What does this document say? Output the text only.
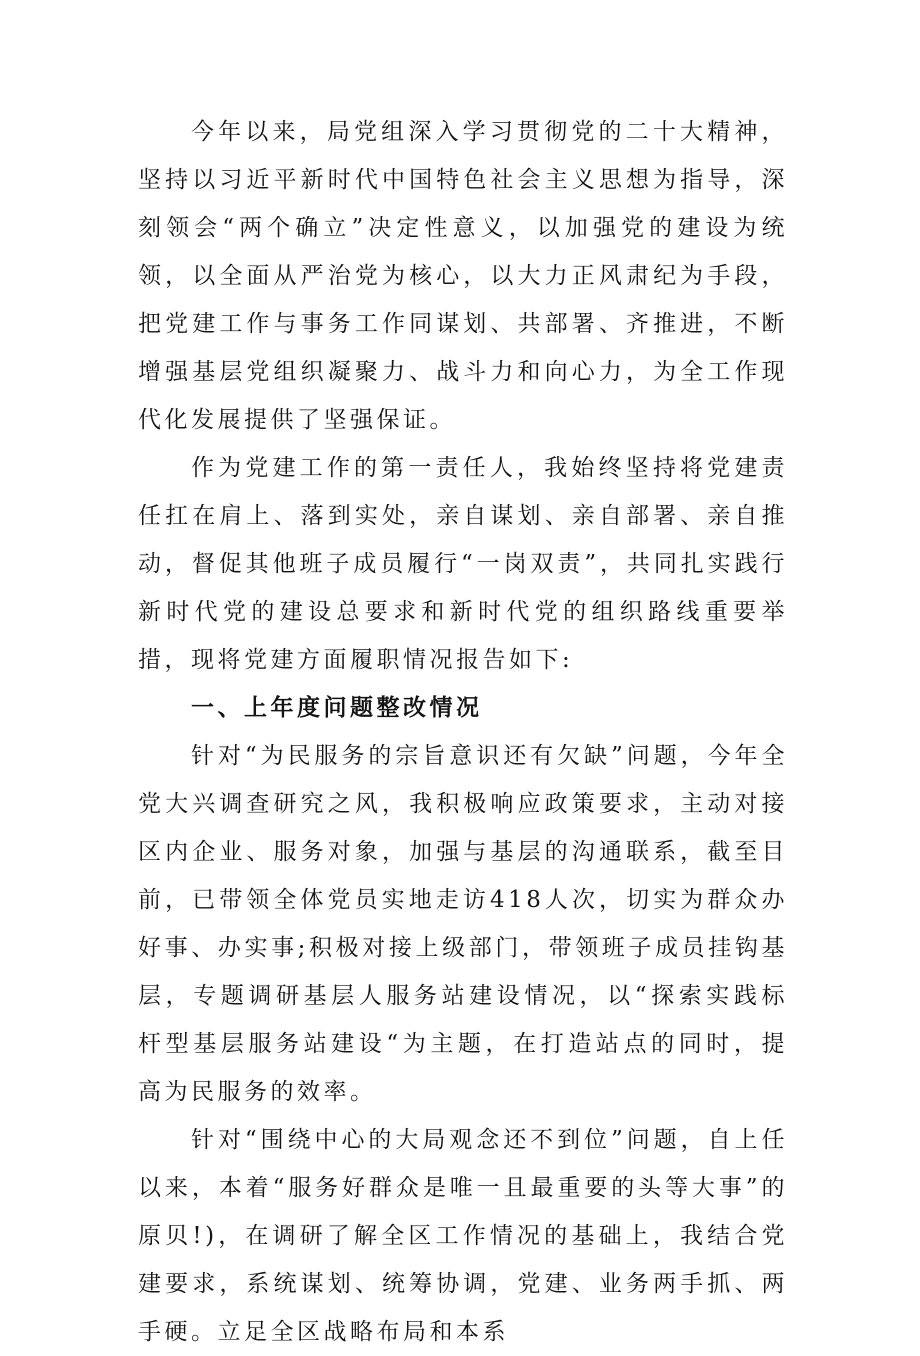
今年以来，局党组深入学习贯彻党的二十大精神，坚持以习近平新时代中国特色社会主义思想为指导，深刻领会“两个确立”决定性意义，以加强党的建设为统领，以全面从严治党为核心，以大力正风肃纪为手段，把党建工作与事务工作同谋划、共部署、齐推进，不断增强基层党组织凝聚力、战斗力和向心力，为全工作现代化发展提供了坚强保证。

作为党建工作的第一责任人，我始终坚持将党建责任扛在肩上、落到实处，亲自谋划、亲自部署、亲自推动，督促其他班子成员履行“一岗双责”，共同扎实践行新时代党的建设总要求和新时代党的组织路线重要举措，现将党建方面履职情况报告如下:

一、上年度问题整改情况

针对“为民服务的宗旨意识还有欠缺”问题，今年全党大兴调查研究之风，我积极响应政策要求，主动对接区内企业、服务对象，加强与基层的沟通联系，截至目前，已带领全体党员实地走访418人次，切实为群众办好事、办实事;积极对接上级部门，带领班子成员挂钩基层，专题调研基层人服务站建设情况，以“探索实践标杆型基层服务站建设“为主题，在打造站点的同时，提高为民服务的效率。

针对“围绕中心的大局观念还不到位”问题，自上任以来，本着“服务好群众是唯一且最重要的头等大事”的原贝!)，在调研了解全区工作情况的基础上，我结合党建要求，系统谋划、统筹协调，党建、业务两手抓、两手硬。立足全区战略布局和本系
